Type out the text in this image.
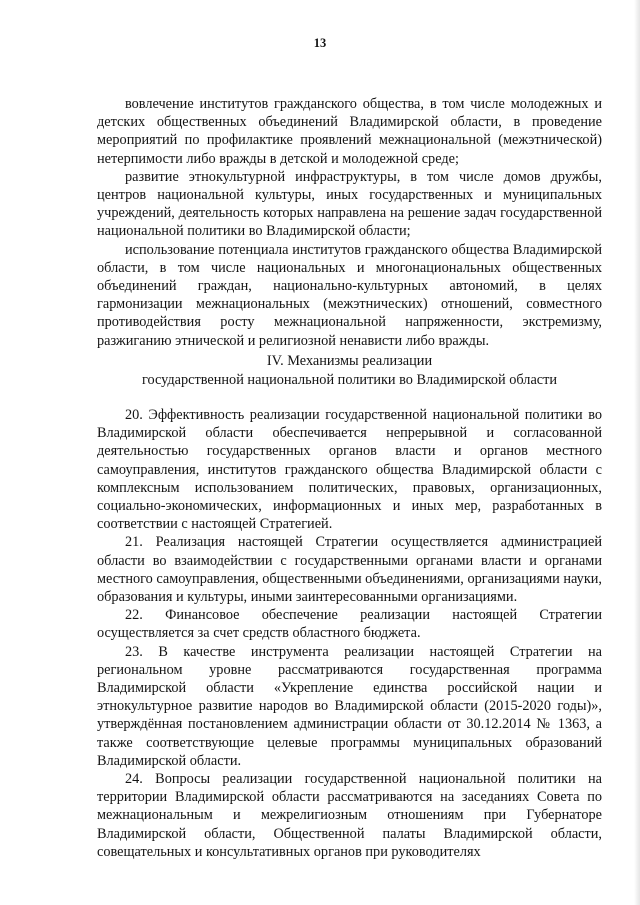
13

вовлечение институтов гражданского общества, в том числе молодежных и детских общественных объединений Владимирской области, в проведение мероприятий по профилактике проявлений межнациональной (межэтнической) нетерпимости либо вражды в детской и молодежной среде;

развитие этнокультурной инфраструктуры, в том числе домов дружбы, центров национальной культуры, иных государственных и муниципальных учреждений, деятельность которых направлена на решение задач государственной национальной политики во Владимирской области;

использование потенциала институтов гражданского общества Владимирской области, в том числе национальных и многонациональных общественных объединений граждан, национально-культурных автономий, в целях гармонизации межнациональных (межэтнических) отношений, совместного противодействия росту межнациональной напряженности, экстремизму, разжиганию этнической и религиозной ненависти либо вражды.

IV. Механизмы реализации
государственной национальной политики во Владимирской области

20. Эффективность реализации государственной национальной политики во Владимирской области обеспечивается непрерывной и согласованной деятельностью государственных органов власти и органов местного самоуправления, институтов гражданского общества Владимирской области с комплексным использованием политических, правовых, организационных, социально-экономических, информационных и иных мер, разработанных в соответствии с настоящей Стратегией.

21. Реализация настоящей Стратегии осуществляется администрацией области во взаимодействии с государственными органами власти и органами местного самоуправления, общественными объединениями, организациями науки, образования и культуры, иными заинтересованными организациями.

22. Финансовое обеспечение реализации настоящей Стратегии осуществляется за счет средств областного бюджета.

23. В качестве инструмента реализации настоящей Стратегии на региональном уровне рассматриваются государственная программа Владимирской области «Укрепление единства российской нации и этнокультурное развитие народов во Владимирской области (2015-2020 годы)», утверждённая постановлением администрации области от 30.12.2014 № 1363, а также соответствующие целевые программы муниципальных образований Владимирской области.

24. Вопросы реализации государственной национальной политики на территории Владимирской области рассматриваются на заседаниях Совета по межнациональным и межрелигиозным отношениям при Губернаторе Владимирской области, Общественной палаты Владимирской области, совещательных и консультативных органов при руководителях
